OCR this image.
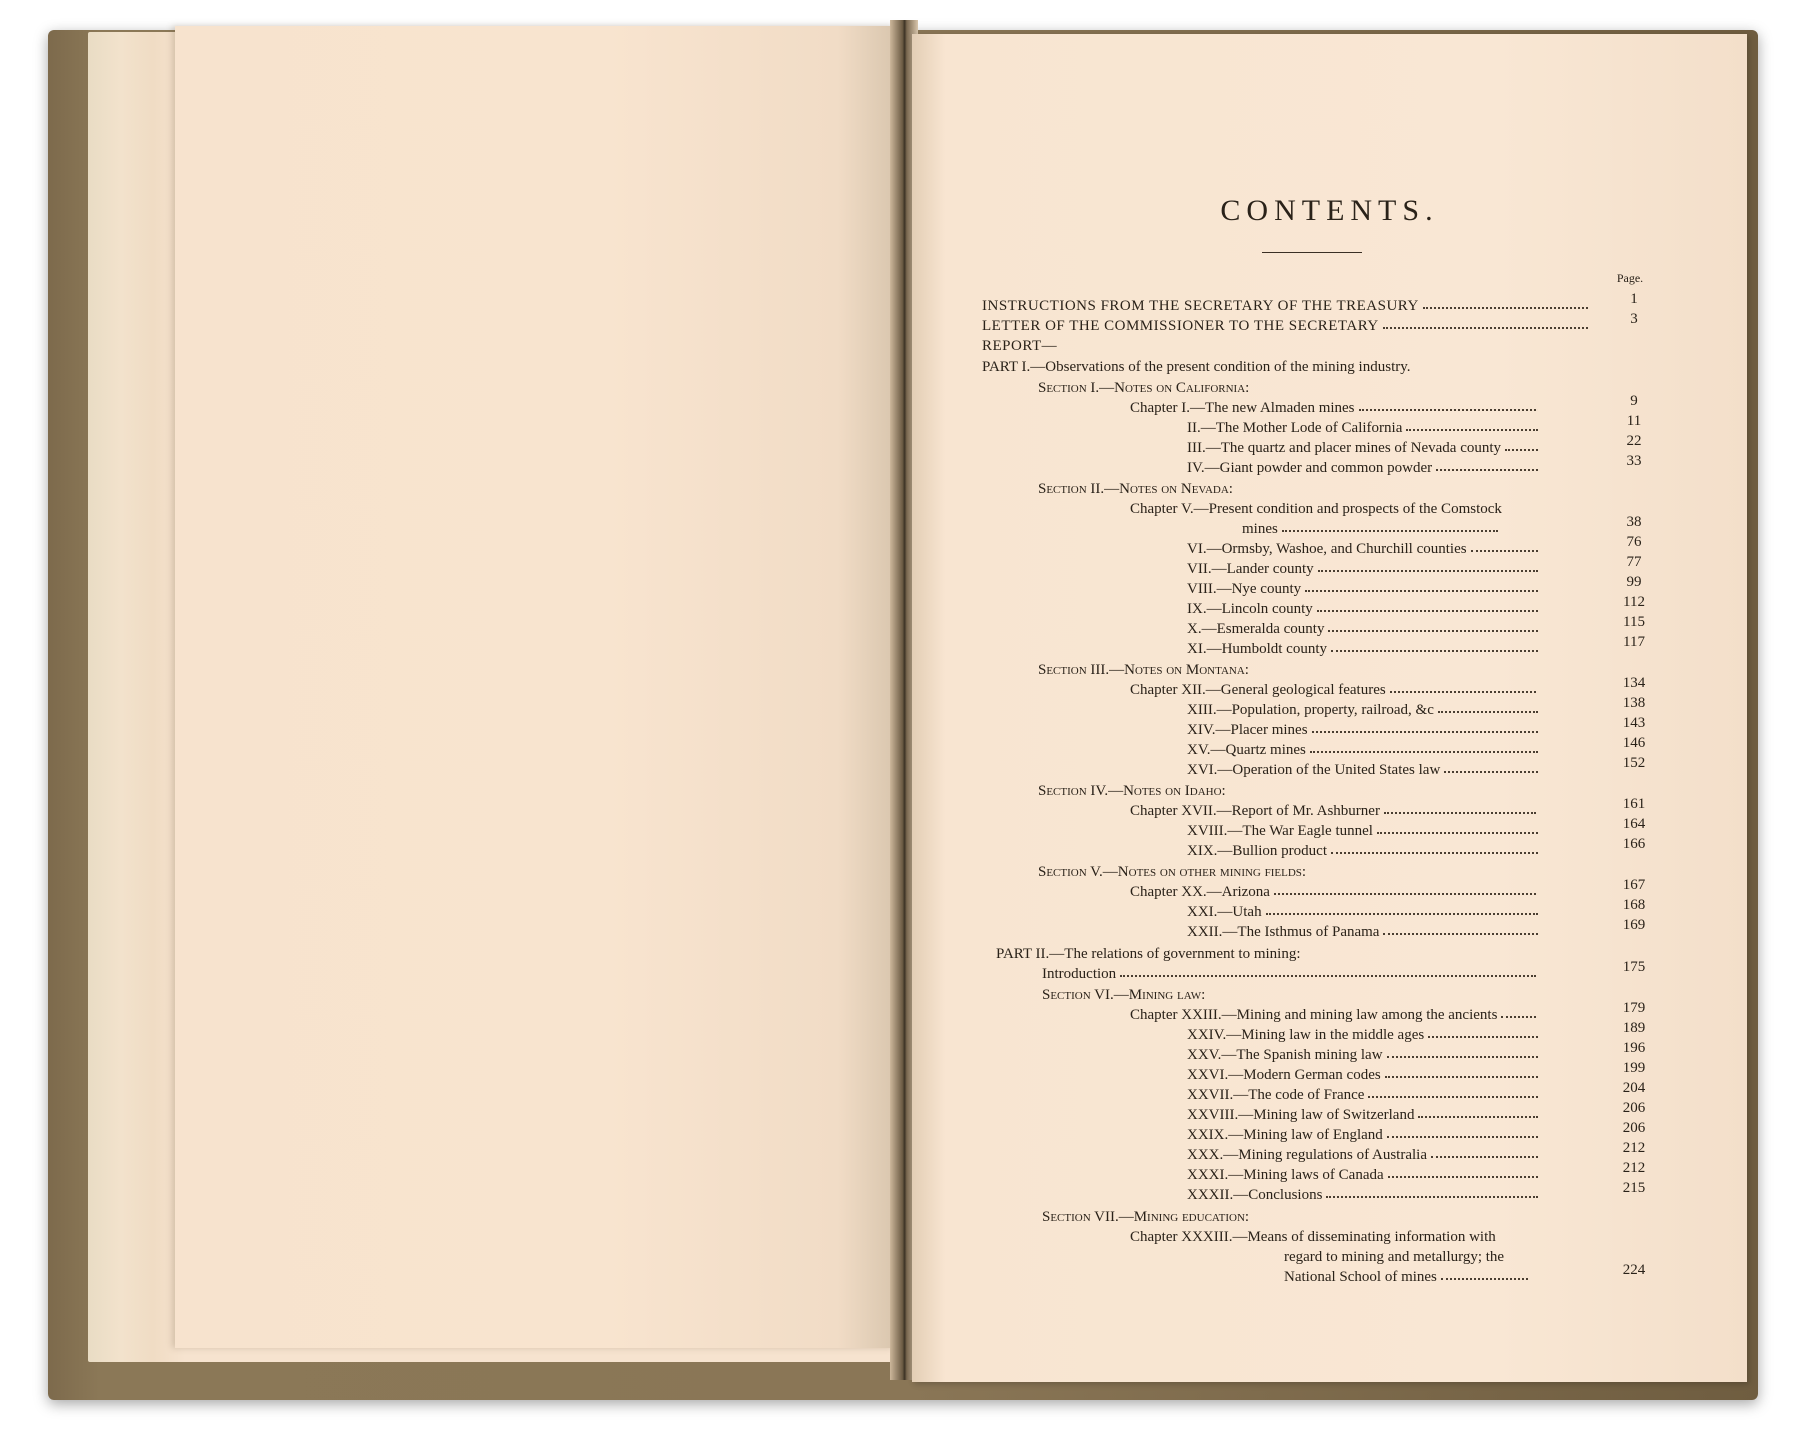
CONTENTS.
Page.
INSTRUCTIONS FROM THE SECRETARY OF THE TREASURY	1
LETTER OF THE COMMISSIONER TO THE SECRETARY	3
REPORT—
PART I.—Observations of the present condition of the mining industry.
Section I.—Notes on California:
Chapter I.—The new Almaden mines	9
II.—The Mother Lode of California	11
III.—The quartz and placer mines of Nevada county	22
IV.—Giant powder and common powder	33
Section II.—Notes on Nevada:
Chapter V.—Present condition and prospects of the Comstock
mines	38
VI.—Ormsby, Washoe, and Churchill counties	76
VII.—Lander county	77
VIII.—Nye county	99
IX.—Lincoln county	112
X.—Esmeralda county	115
XI.—Humboldt county	117
Section III.—Notes on Montana:
Chapter XII.—General geological features	134
XIII.—Population, property, railroad, &c	138
XIV.—Placer mines	143
XV.—Quartz mines	146
XVI.—Operation of the United States law	152
Section IV.—Notes on Idaho:
Chapter XVII.—Report of Mr. Ashburner	161
XVIII.—The War Eagle tunnel	164
XIX.—Bullion product	166
Section V.—Notes on other mining fields:
Chapter XX.—Arizona	167
XXI.—Utah	168
XXII.—The Isthmus of Panama	169
PART II.—The relations of government to mining:
Introduction	175
Section VI.—Mining law:
Chapter XXIII.—Mining and mining law among the ancients	179
XXIV.—Mining law in the middle ages	189
XXV.—The Spanish mining law	196
XXVI.—Modern German codes	199
XXVII.—The code of France	204
XXVIII.—Mining law of Switzerland	206
XXIX.—Mining law of England	206
XXX.—Mining regulations of Australia	212
XXXI.—Mining laws of Canada	212
XXXII.—Conclusions	215
Section VII.—Mining education:
Chapter XXXIII.—Means of disseminating information with
regard to mining and metallurgy; the
National School of mines	224
